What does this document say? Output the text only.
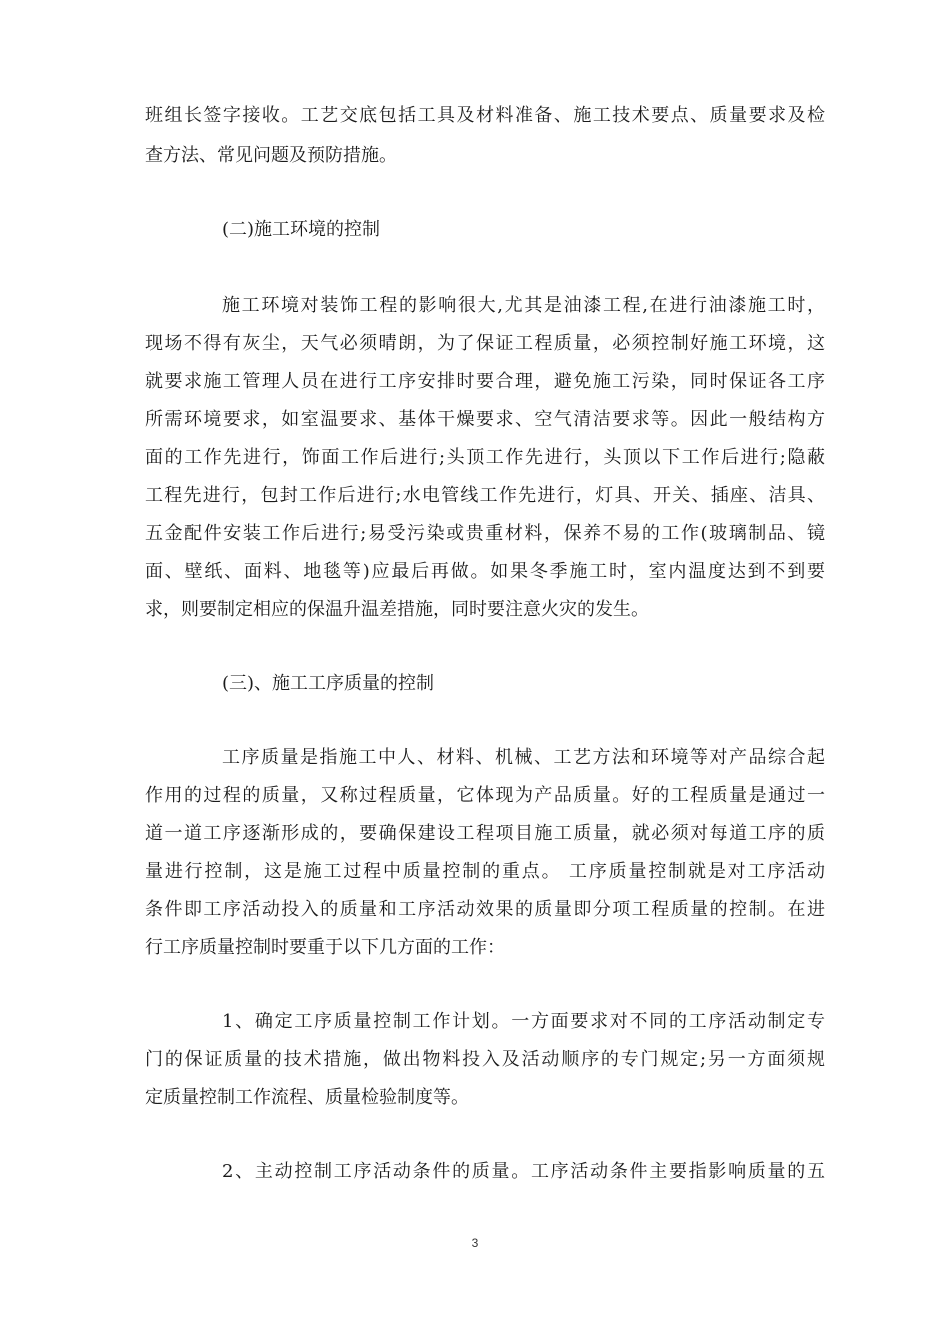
班组长签字接收。工艺交底包括工具及材料准备、施工技术要点、质量要求及检
查方法、常见问题及预防措施。
(二)施工环境的控制
施工环境对装饰工程的影响很大,尤其是油漆工程,在进行油漆施工时，
现场不得有灰尘，天气必须晴朗，为了保证工程质量，必须控制好施工环境，这
就要求施工管理人员在进行工序安排时要合理，避免施工污染，同时保证各工序
所需环境要求，如室温要求、基体干燥要求、空气清洁要求等。因此一般结构方
面的工作先进行，饰面工作后进行;头顶工作先进行，头顶以下工作后进行;隐蔽
工程先进行，包封工作后进行;水电管线工作先进行，灯具、开关、插座、洁具、
五金配件安装工作后进行;易受污染或贵重材料，保养不易的工作(玻璃制品、镜
面、壁纸、面料、地毯等)应最后再做。如果冬季施工时，室内温度达到不到要
求，则要制定相应的保温升温差措施，同时要注意火灾的发生。
(三)、施工工序质量的控制
工序质量是指施工中人、材料、机械、工艺方法和环境等对产品综合起
作用的过程的质量，又称过程质量，它体现为产品质量。好的工程质量是通过一
道一道工序逐渐形成的，要确保建设工程项目施工质量，就必须对每道工序的质
量进行控制，这是施工过程中质量控制的重点。 工序质量控制就是对工序活动
条件即工序活动投入的质量和工序活动效果的质量即分项工程质量的控制。在进
行工序质量控制时要重于以下几方面的工作：
1、确定工序质量控制工作计划。一方面要求对不同的工序活动制定专
门的保证质量的技术措施，做出物料投入及活动顺序的专门规定;另一方面须规
定质量控制工作流程、质量检验制度等。
2、主动控制工序活动条件的质量。工序活动条件主要指影响质量的五
3
